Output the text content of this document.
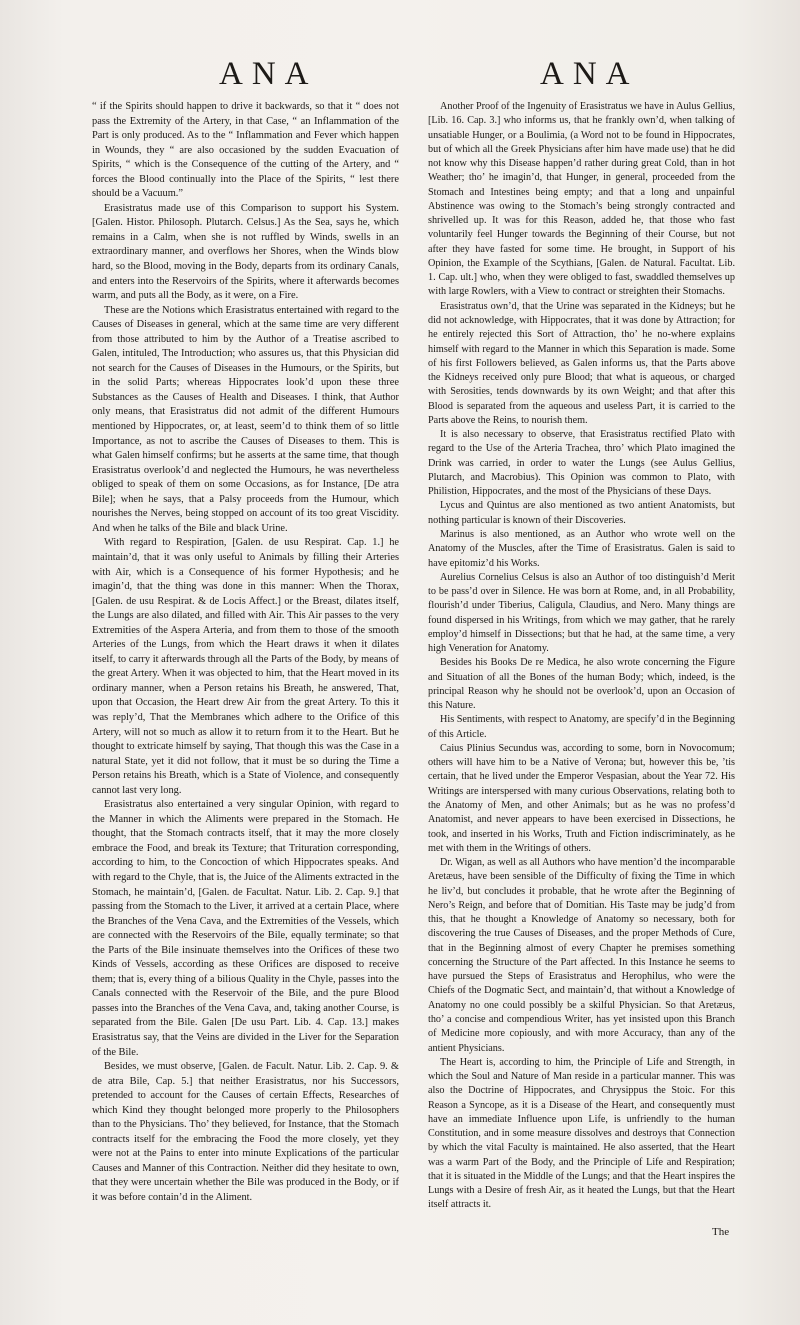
ANA	ANA

“ if the Spirits should happen to drive it backwards, so that it “ does not pass the Extremity of the Artery, in that Case, “ an Inflammation of the Part is only produced. As to the “ Inflammation and Fever which happen in Wounds, they “ are also occasioned by the sudden Evacuation of Spirits, “ which is the Consequence of the cutting of the Artery, and “ forces the Blood continually into the Place of the Spirits, “ lest there should be a Vacuum.”

Erasistratus made use of this Comparison to support his System. [Galen. Histor. Philosoph. Plutarch. Celsus.] As the Sea, says he, which remains in a Calm, when she is not ruffled by Winds, swells in an extraordinary manner, and overflows her Shores, when the Winds blow hard, so the Blood, moving in the Body, departs from its ordinary Canals, and enters into the Reservoirs of the Spirits, where it afterwards becomes warm, and puts all the Body, as it were, on a Fire.

These are the Notions which Erasistratus entertained with regard to the Causes of Diseases in general, which at the same time are very different from those attributed to him by the Author of a Treatise ascribed to Galen, intituled, The Introduction; who assures us, that this Physician did not search for the Causes of Diseases in the Humours, or the Spirits, but in the solid Parts; whereas Hippocrates look’d upon these three Substances as the Causes of Health and Diseases. I think, that Author only means, that Erasistratus did not admit of the different Humours mentioned by Hippocrates, or, at least, seem’d to think them of so little Importance, as not to ascribe the Causes of Diseases to them. This is what Galen himself confirms; but he asserts at the same time, that though Erasistratus overlook’d and neglected the Humours, he was nevertheless obliged to speak of them on some Occasions, as for Instance, [De atra Bile]; when he says, that a Palsy proceeds from the Humour, which nourishes the Nerves, being stopped on account of its too great Viscidity. And when he talks of the Bile and black Urine.

With regard to Respiration, [Galen. de usu Respirat. Cap. 1.] he maintain’d, that it was only useful to Animals by filling their Arteries with Air, which is a Consequence of his former Hypothesis; and he imagin’d, that the thing was done in this manner: When the Thorax, [Galen. de usu Respirat. & de Locis Affect.] or the Breast, dilates itself, the Lungs are also dilated, and filled with Air. This Air passes to the very Extremities of the Aspera Arteria, and from them to those of the smooth Arteries of the Lungs, from which the Heart draws it when it dilates itself, to carry it afterwards through all the Parts of the Body, by means of the great Artery. When it was objected to him, that the Heart moved in its ordinary manner, when a Person retains his Breath, he answered, That, upon that Occasion, the Heart drew Air from the great Artery. To this it was reply’d, That the Membranes which adhere to the Orifice of this Artery, will not so much as allow it to return from it to the Heart. But he thought to extricate himself by saying, That though this was the Case in a natural State, yet it did not follow, that it must be so during the Time a Person retains his Breath, which is a State of Violence, and consequently cannot last very long.

Erasistratus also entertained a very singular Opinion, with regard to the Manner in which the Aliments were prepared in the Stomach. He thought, that the Stomach contracts itself, that it may the more closely embrace the Food, and break its Texture; that Trituration corresponding, according to him, to the Concoction of which Hippocrates speaks. And with regard to the Chyle, that is, the Juice of the Aliments extracted in the Stomach, he maintain’d, [Galen. de Facultat. Natur. Lib. 2. Cap. 9.] that passing from the Stomach to the Liver, it arrived at a certain Place, where the Branches of the Vena Cava, and the Extremities of the Vessels, which are connected with the Reservoirs of the Bile, equally terminate; so that the Parts of the Bile insinuate themselves into the Orifices of these two Kinds of Vessels, according as these Orifices are disposed to receive them; that is, every thing of a bilious Quality in the Chyle, passes into the Canals connected with the Reservoir of the Bile, and the pure Blood passes into the Branches of the Vena Cava, and, taking another Course, is separated from the Bile. Galen [De usu Part. Lib. 4. Cap. 13.] makes Erasistratus say, that the Veins are divided in the Liver for the Separation of the Bile.

Besides, we must observe, [Galen. de Facult. Natur. Lib. 2. Cap. 9. & de atra Bile, Cap. 5.] that neither Erasistratus, nor his Successors, pretended to account for the Causes of certain Effects, Researches of which Kind they thought belonged more properly to the Philosophers than to the Physicians. Tho’ they believed, for Instance, that the Stomach contracts itself for the embracing the Food the more closely, yet they were not at the Pains to enter into minute Explications of the particular Causes and Manner of this Contraction. Neither did they hesitate to own, that they were uncertain whether the Bile was produced in the Body, or if it was before contain’d in the Aliment.

Another Proof of the Ingenuity of Erasistratus we have in Aulus Gellius, [Lib. 16. Cap. 3.] who informs us, that he frankly own’d, when talking of unsatiable Hunger, or a Boulimia, (a Word not to be found in Hippocrates, but of which all the Greek Physicians after him have made use) that he did not know why this Disease happen’d rather during great Cold, than in hot Weather; tho’ he imagin’d, that Hunger, in general, proceeded from the Stomach and Intestines being empty; and that a long and unpainful Abstinence was owing to the Stomach’s being strongly contracted and shrivelled up. It was for this Reason, added he, that those who fast voluntarily feel Hunger towards the Beginning of their Course, but not after they have fasted for some time. He brought, in Support of his Opinion, the Example of the Scythians, [Galen. de Natural. Facultat. Lib. 1. Cap. ult.] who, when they were obliged to fast, swaddled themselves up with large Rowlers, with a View to contract or streighten their Stomachs.

Erasistratus own’d, that the Urine was separated in the Kidneys; but he did not acknowledge, with Hippocrates, that it was done by Attraction; for he entirely rejected this Sort of Attraction, tho’ he no-where explains himself with regard to the Manner in which this Separation is made. Some of his first Followers believed, as Galen informs us, that the Parts above the Kidneys received only pure Blood; that what is aqueous, or charged with Serosities, tends downwards by its own Weight; and that after this Blood is separated from the aqueous and useless Part, it is carried to the Parts above the Reins, to nourish them.

It is also necessary to observe, that Erasistratus rectified Plato with regard to the Use of the Arteria Trachea, thro’ which Plato imagined the Drink was carried, in order to water the Lungs (see Aulus Gellius, Plutarch, and Macrobius). This Opinion was common to Plato, with Philistion, Hippocrates, and the most of the Physicians of these Days.

Lycus and Quintus are also mentioned as two antient Anatomists, but nothing particular is known of their Discoveries.

Marinus is also mentioned, as an Author who wrote well on the Anatomy of the Muscles, after the Time of Erasistratus. Galen is said to have epitomiz’d his Works.

Aurelius Cornelius Celsus is also an Author of too distinguish’d Merit to be pass’d over in Silence. He was born at Rome, and, in all Probability, flourish’d under Tiberius, Caligula, Claudius, and Nero. Many things are found dispersed in his Writings, from which we may gather, that he rarely employ’d himself in Dissections; but that he had, at the same time, a very high Veneration for Anatomy.

Besides his Books De re Medica, he also wrote concerning the Figure and Situation of all the Bones of the human Body; which, indeed, is the principal Reason why he should not be overlook’d, upon an Occasion of this Nature.

His Sentiments, with respect to Anatomy, are specify’d in the Beginning of this Article.

Caius Plinius Secundus was, according to some, born in Novocomum; others will have him to be a Native of Verona; but, however this be, ’tis certain, that he lived under the Emperor Vespasian, about the Year 72. His Writings are interspersed with many curious Observations, relating both to the Anatomy of Men, and other Animals; but as he was no profess’d Anatomist, and never appears to have been exercised in Dissections, he took, and inserted in his Works, Truth and Fiction indiscriminately, as he met with them in the Writings of others.

Dr. Wigan, as well as all Authors who have mention’d the incomparable Aretæus, have been sensible of the Difficulty of fixing the Time in which he liv’d, but concludes it probable, that he wrote after the Beginning of Nero’s Reign, and before that of Domitian. His Taste may be judg’d from this, that he thought a Knowledge of Anatomy so necessary, both for discovering the true Causes of Diseases, and the proper Methods of Cure, that in the Beginning almost of every Chapter he premises something concerning the Structure of the Part affected. In this Instance he seems to have pursued the Steps of Erasistratus and Herophilus, who were the Chiefs of the Dogmatic Sect, and maintain’d, that without a Knowledge of Anatomy no one could possibly be a skilful Physician. So that Aretæus, tho’ a concise and compendious Writer, has yet insisted upon this Branch of Medicine more copiously, and with more Accuracy, than any of the antient Physicians.

The Heart is, according to him, the Principle of Life and Strength, in which the Soul and Nature of Man reside in a particular manner. This was also the Doctrine of Hippocrates, and Chrysippus the Stoic. For this Reason a Syncope, as it is a Disease of the Heart, and consequently must have an immediate Influence upon Life, is unfriendly to the human Constitution, and in some measure dissolves and destroys that Connection by which the vital Faculty is maintained. He also asserted, that the Heart was a warm Part of the Body, and the Principle of Life and Respiration; that it is situated in the Middle of the Lungs; and that the Heart inspires the Lungs with a Desire of fresh Air, as it heated the Lungs, but that the Heart itself attracts it.

The
